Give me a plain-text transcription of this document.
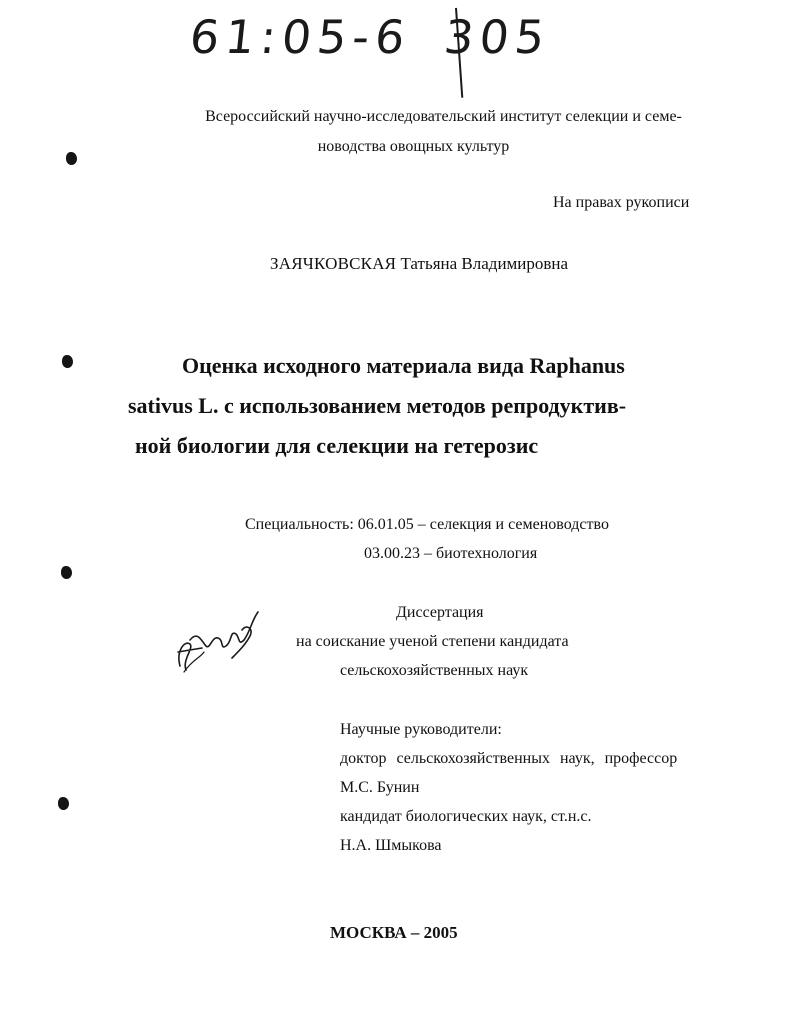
61:05-6 305
Всероссийский научно-исследовательский институт селекции и семе-
новодства овощных культур
На правах рукописи
ЗАЯЧКОВСКАЯ Татьяна Владимировна
Оценка исходного материала вида Raphanus
sativus L. с использованием методов репродуктив-
ной биологии для селекции на гетерозис
Специальность: 06.01.05 – селекция и семеноводство
03.00.23 – биотехнология
Диссертация
на соискание ученой степени кандидата
сельскохозяйственных наук
Научные руководители:
доктор сельскохозяйственных наук, профессор
М.С. Бунин
кандидат биологических наук, ст.н.с.
Н.А. Шмыкова
МОСКВА – 2005
